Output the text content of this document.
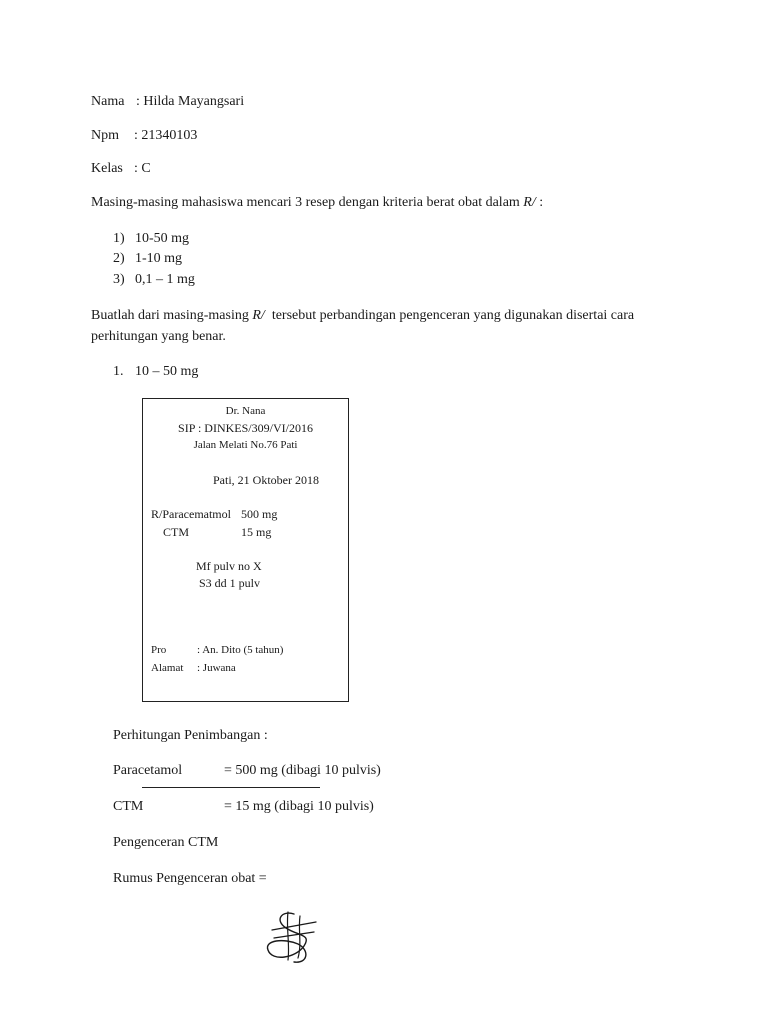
Nama : Hilda Mayangsari
Npm : 21340103
Kelas : C
Masing-masing mahasiswa mencari 3 resep dengan kriteria berat obat dalam R/ :
1) 10-50 mg
2) 1-10 mg
3) 0,1 – 1 mg
Buatlah dari masing-masing R/ tersebut perbandingan pengenceran yang digunakan disertai cara
perhitungan yang benar.
1. 10 – 50 mg
Dr. Nana
SIP : DINKES/309/VI/2016
Jalan Melati No.76 Pati
Pati, 21 Oktober 2018
R/Paracematmol 500 mg
CTM	15 mg
Mf pulv no X
S3 dd 1 pulv
Pro	: An. Dito (5 tahun)
Alamat : Juwana
Perhitungan Penimbangan :
Paracetamol	= 500 mg (dibagi 10 pulvis)
CTM	= 15 mg (dibagi 10 pulvis)
Pengenceran CTM
Rumus Pengenceran obat =
